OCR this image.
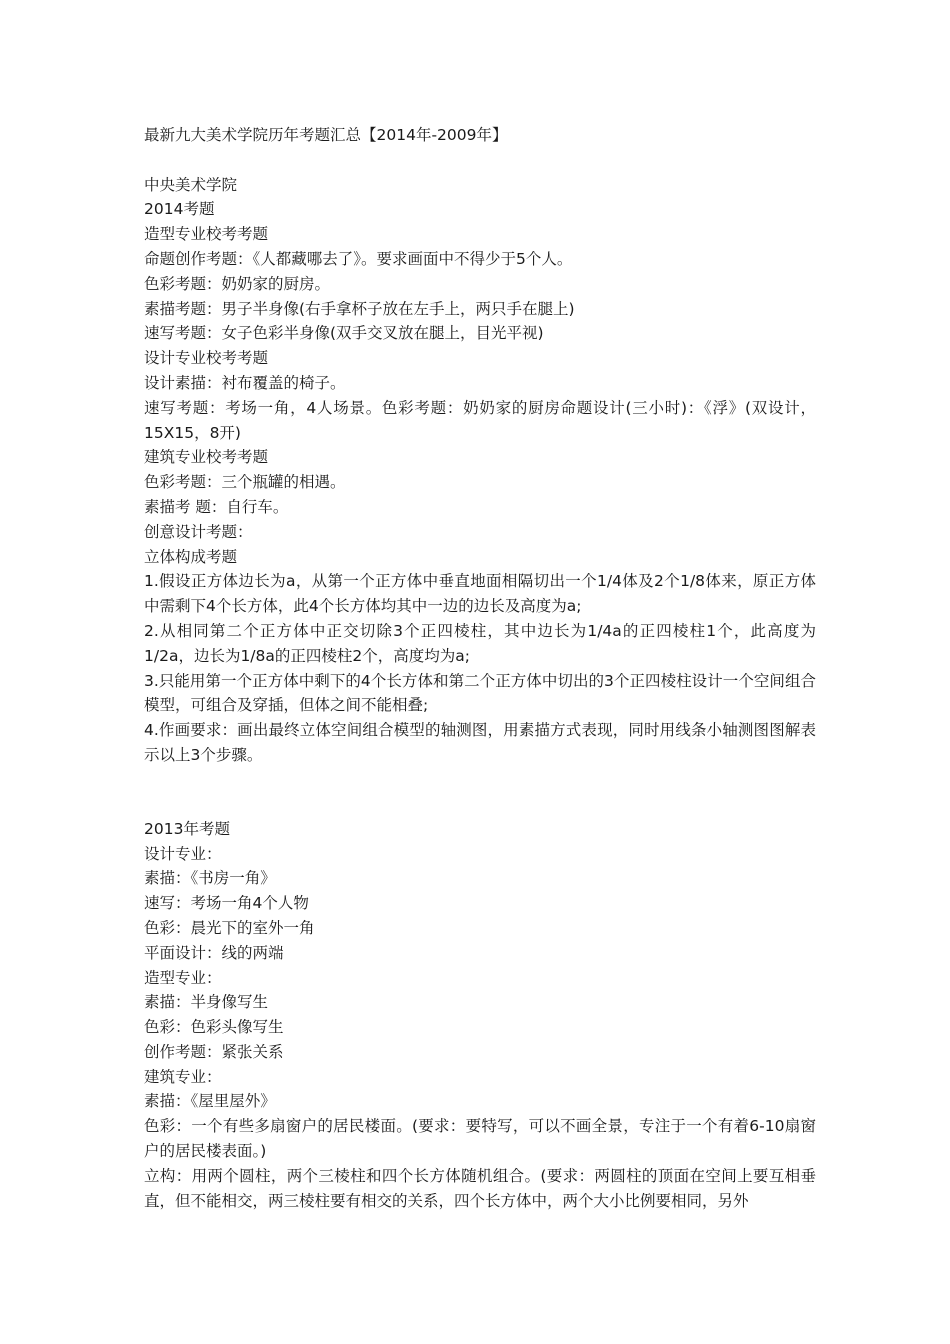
最新九大美术学院历年考题汇总【2014年-2009年】

中央美术学院

2014考题

造型专业校考考题

命题创作考题：《人都藏哪去了》。要求画面中不得少于5个人。

色彩考题：奶奶家的厨房。

素描考题：男子半身像(右手拿杯子放在左手上，两只手在腿上)

速写考题：女子色彩半身像(双手交叉放在腿上，目光平视)

设计专业校考考题

设计素描：衬布覆盖的椅子。

速写考题：考场一角，4人场景。色彩考题：奶奶家的厨房命题设计(三小时)：《浮》(双设计，15X15，8开)

建筑专业校考考题

色彩考题：三个瓶罐的相遇。

素描考 题：自行车。

创意设计考题：

立体构成考题

1.假设正方体边长为a，从第一个正方体中垂直地面相隔切出一个1/4体及2个1/8体来，原正方体中需剩下4个长方体，此4个长方体均其中一边的边长及高度为a;

2.从相同第二个正方体中正交切除3个正四棱柱，其中边长为1/4a的正四棱柱1个，此高度为1/2a，边长为1/8a的正四棱柱2个，高度均为a;

3.只能用第一个正方体中剩下的4个长方体和第二个正方体中切出的3个正四棱柱设计一个空间组合模型，可组合及穿插，但体之间不能相叠;

4.作画要求：画出最终立体空间组合模型的轴测图，用素描方式表现，同时用线条小轴测图图解表示以上3个步骤。

2013年考题

设计专业：

素描：《书房一角》

速写：考场一角4个人物

色彩：晨光下的室外一角

平面设计：线的两端

造型专业：

素描：半身像写生

色彩：色彩头像写生

创作考题：紧张关系

建筑专业：

素描：《屋里屋外》

色彩：一个有些多扇窗户的居民楼面。(要求：要特写，可以不画全景，专注于一个有着6-10扇窗户的居民楼表面。)

立构：用两个圆柱，两个三棱柱和四个长方体随机组合。(要求：两圆柱的顶面在空间上要互相垂直，但不能相交，两三棱柱要有相交的关系，四个长方体中，两个大小比例要相同，另外
